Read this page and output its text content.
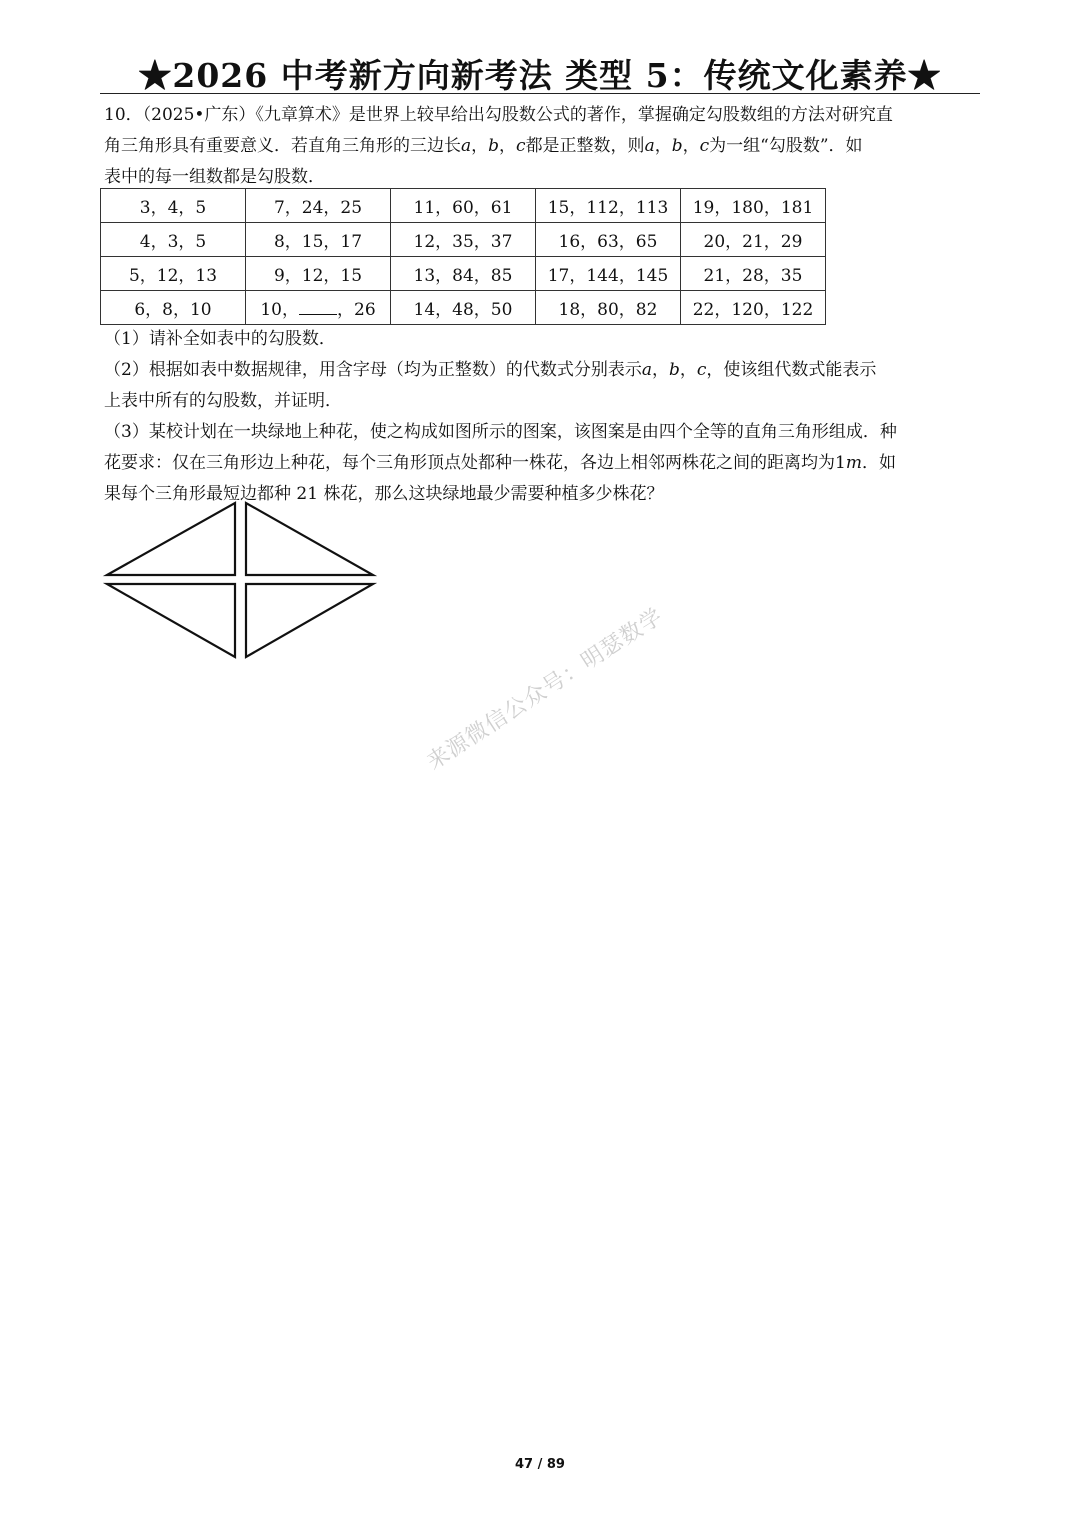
★2026 中考新方向新考法 类型 5：传统文化素养★
10．（2025•广东）《九章算术》是世界上较早给出勾股数公式的著作，掌握确定勾股数组的方法对研究直
角三角形具有重要意义．若直角三角形的三边长a，b，c都是正整数，则a，b，c为一组“勾股数”．如
表中的每一组数都是勾股数．
3，4，5	7，24，25	11，60，61	15，112，113	19，180，181
4，3，5	8，15，17	12，35，37	16，63，65	20，21，29
5，12，13	9，12，15	13，84，85	17，144，145	21，28，35
6，8，10	10， ，26	14，48，50	18，80，82	22，120，122
（1）请补全如表中的勾股数．
（2）根据如表中数据规律，用含字母（均为正整数）的代数式分别表示a，b，c，使该组代数式能表示
上表中所有的勾股数，并证明．
（3）某校计划在一块绿地上种花，使之构成如图所示的图案，该图案是由四个全等的直角三角形组成．种
花要求：仅在三角形边上种花，每个三角形顶点处都种一株花，各边上相邻两株花之间的距离均为1m．如
果每个三角形最短边都种 21 株花，那么这块绿地最少需要种植多少株花？
来源微信公众号：明瑟数学
47 / 89
